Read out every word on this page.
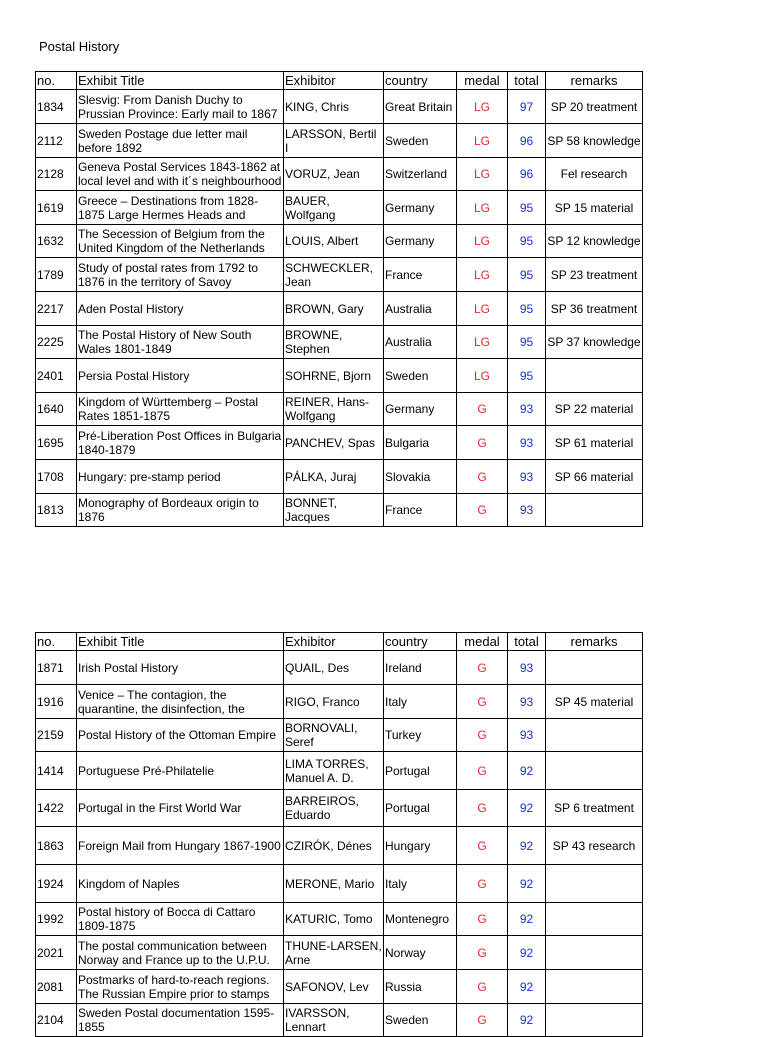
Postal History
no.	Exhibit Title	Exhibitor	country	medal	total	remarks
1834	Slesvig: From Danish Duchy to Prussian Province: Early mail to 1867	KING, Chris	Great Britain	LG	97	SP 20 treatment
2112	Sweden Postage due letter mail before 1892	LARSSON, Bertil I	Sweden	LG	96	SP 58 knowledge
2128	Geneva Postal Services 1843-1862 at local level and with it´s neighbourhood	VORUZ, Jean	Switzerland	LG	96	Fel research
1619	Greece – Destinations from 1828-1875 Large Hermes Heads and	BAUER, Wolfgang	Germany	LG	95	SP 15 material
1632	The Secession of Belgium from the United Kingdom of the Netherlands	LOUIS, Albert	Germany	LG	95	SP 12 knowledge
1789	Study of postal rates from 1792 to 1876 in the territory of Savoy	SCHWECKLER, Jean	France	LG	95	SP 23 treatment
2217	Aden Postal History	BROWN, Gary	Australia	LG	95	SP 36 treatment
2225	The Postal History of New South Wales 1801-1849	BROWNE, Stephen	Australia	LG	95	SP 37 knowledge
2401	Persia Postal History	SOHRNE, Bjorn	Sweden	LG	95	
1640	Kingdom of Württemberg – Postal Rates 1851-1875	REINER, Hans-Wolfgang	Germany	G	93	SP 22 material
1695	Pré-Liberation Post Offices in Bulgaria 1840-1879	PANCHEV, Spas	Bulgaria	G	93	SP 61 material
1708	Hungary: pre-stamp period	PÁLKA, Juraj	Slovakia	G	93	SP 66 material
1813	Monography of Bordeaux origin to 1876	BONNET, Jacques	France	G	93	
no.	Exhibit Title	Exhibitor	country	medal	total	remarks
1871	Irish Postal History	QUAIL, Des	Ireland	G	93	
1916	Venice – The contagion, the quarantine, the disinfection, the	RIGO, Franco	Italy	G	93	SP 45 material
2159	Postal History of the Ottoman Empire	BORNOVALI, Seref	Turkey	G	93	
1414	Portuguese Pré-Philatelie	LIMA TORRES, Manuel A. D.	Portugal	G	92	
1422	Portugal in the First World War	BARREIROS, Eduardo	Portugal	G	92	SP 6 treatment
1863	Foreign Mail from Hungary 1867-1900	CZIRÓK, Dénes	Hungary	G	92	SP 43 research
1924	Kingdom of Naples	MERONE, Mario	Italy	G	92	
1992	Postal history of Bocca di Cattaro 1809-1875	KATURIC, Tomo	Montenegro	G	92	
2021	The postal communication between Norway and France up to the U.P.U.	THUNE-LARSEN, Arne	Norway	G	92	
2081	Postmarks of hard-to-reach regions. The Russian Empire prior to stamps	SAFONOV, Lev	Russia	G	92	
2104	Sweden Postal documentation 1595-1855	IVARSSON, Lennart	Sweden	G	92	
